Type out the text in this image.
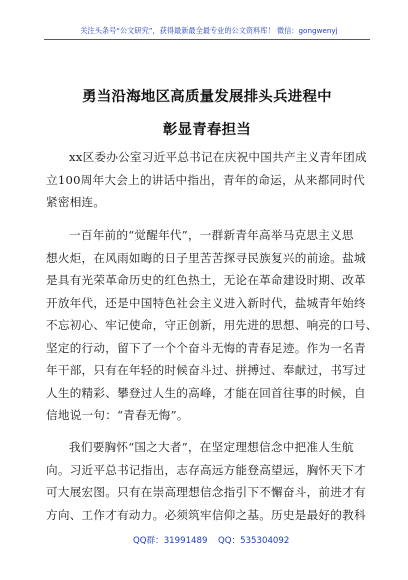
关注头条号“公文研究”，获得最新最全最专业的公文资料库！ 微信：gongwenyj
勇当沿海地区高质量发展排头兵进程中
彰显青春担当
xx区委办公室习近平总书记在庆祝中国共产主义青年团成
立100周年大会上的讲话中指出，青年的命运，从来都同时代
紧密相连。
一百年前的“觉醒年代”，一群新青年高举马克思主义思
想火炬，在风雨如晦的日子里苦苦探寻民族复兴的前途。盐城
是具有光荣革命历史的红色热土，无论在革命建设时期、改革
开放年代，还是中国特色社会主义进入新时代，盐城青年始终
不忘初心、牢记使命，守正创新，用先进的思想、响亮的口号、
坚定的行动，留下了一个个奋斗无悔的青春足迹。作为一名青
年干部，只有在年轻的时候奋斗过、拼搏过、奉献过，书写过
人生的精彩、攀登过人生的高峰，才能在回首往事的时候，自
信地说一句：“青春无悔”。
我们要胸怀“国之大者”，在坚定理想信念中把准人生航
向。习近平总书记指出，志存高远方能登高望远，胸怀天下才
可大展宏图。只有在崇高理想信念指引下不懈奋斗，前进才有
方向、工作才有动力。必须筑牢信仰之基。历史是最好的教科
QQ群：31991489 QQ：535304092
